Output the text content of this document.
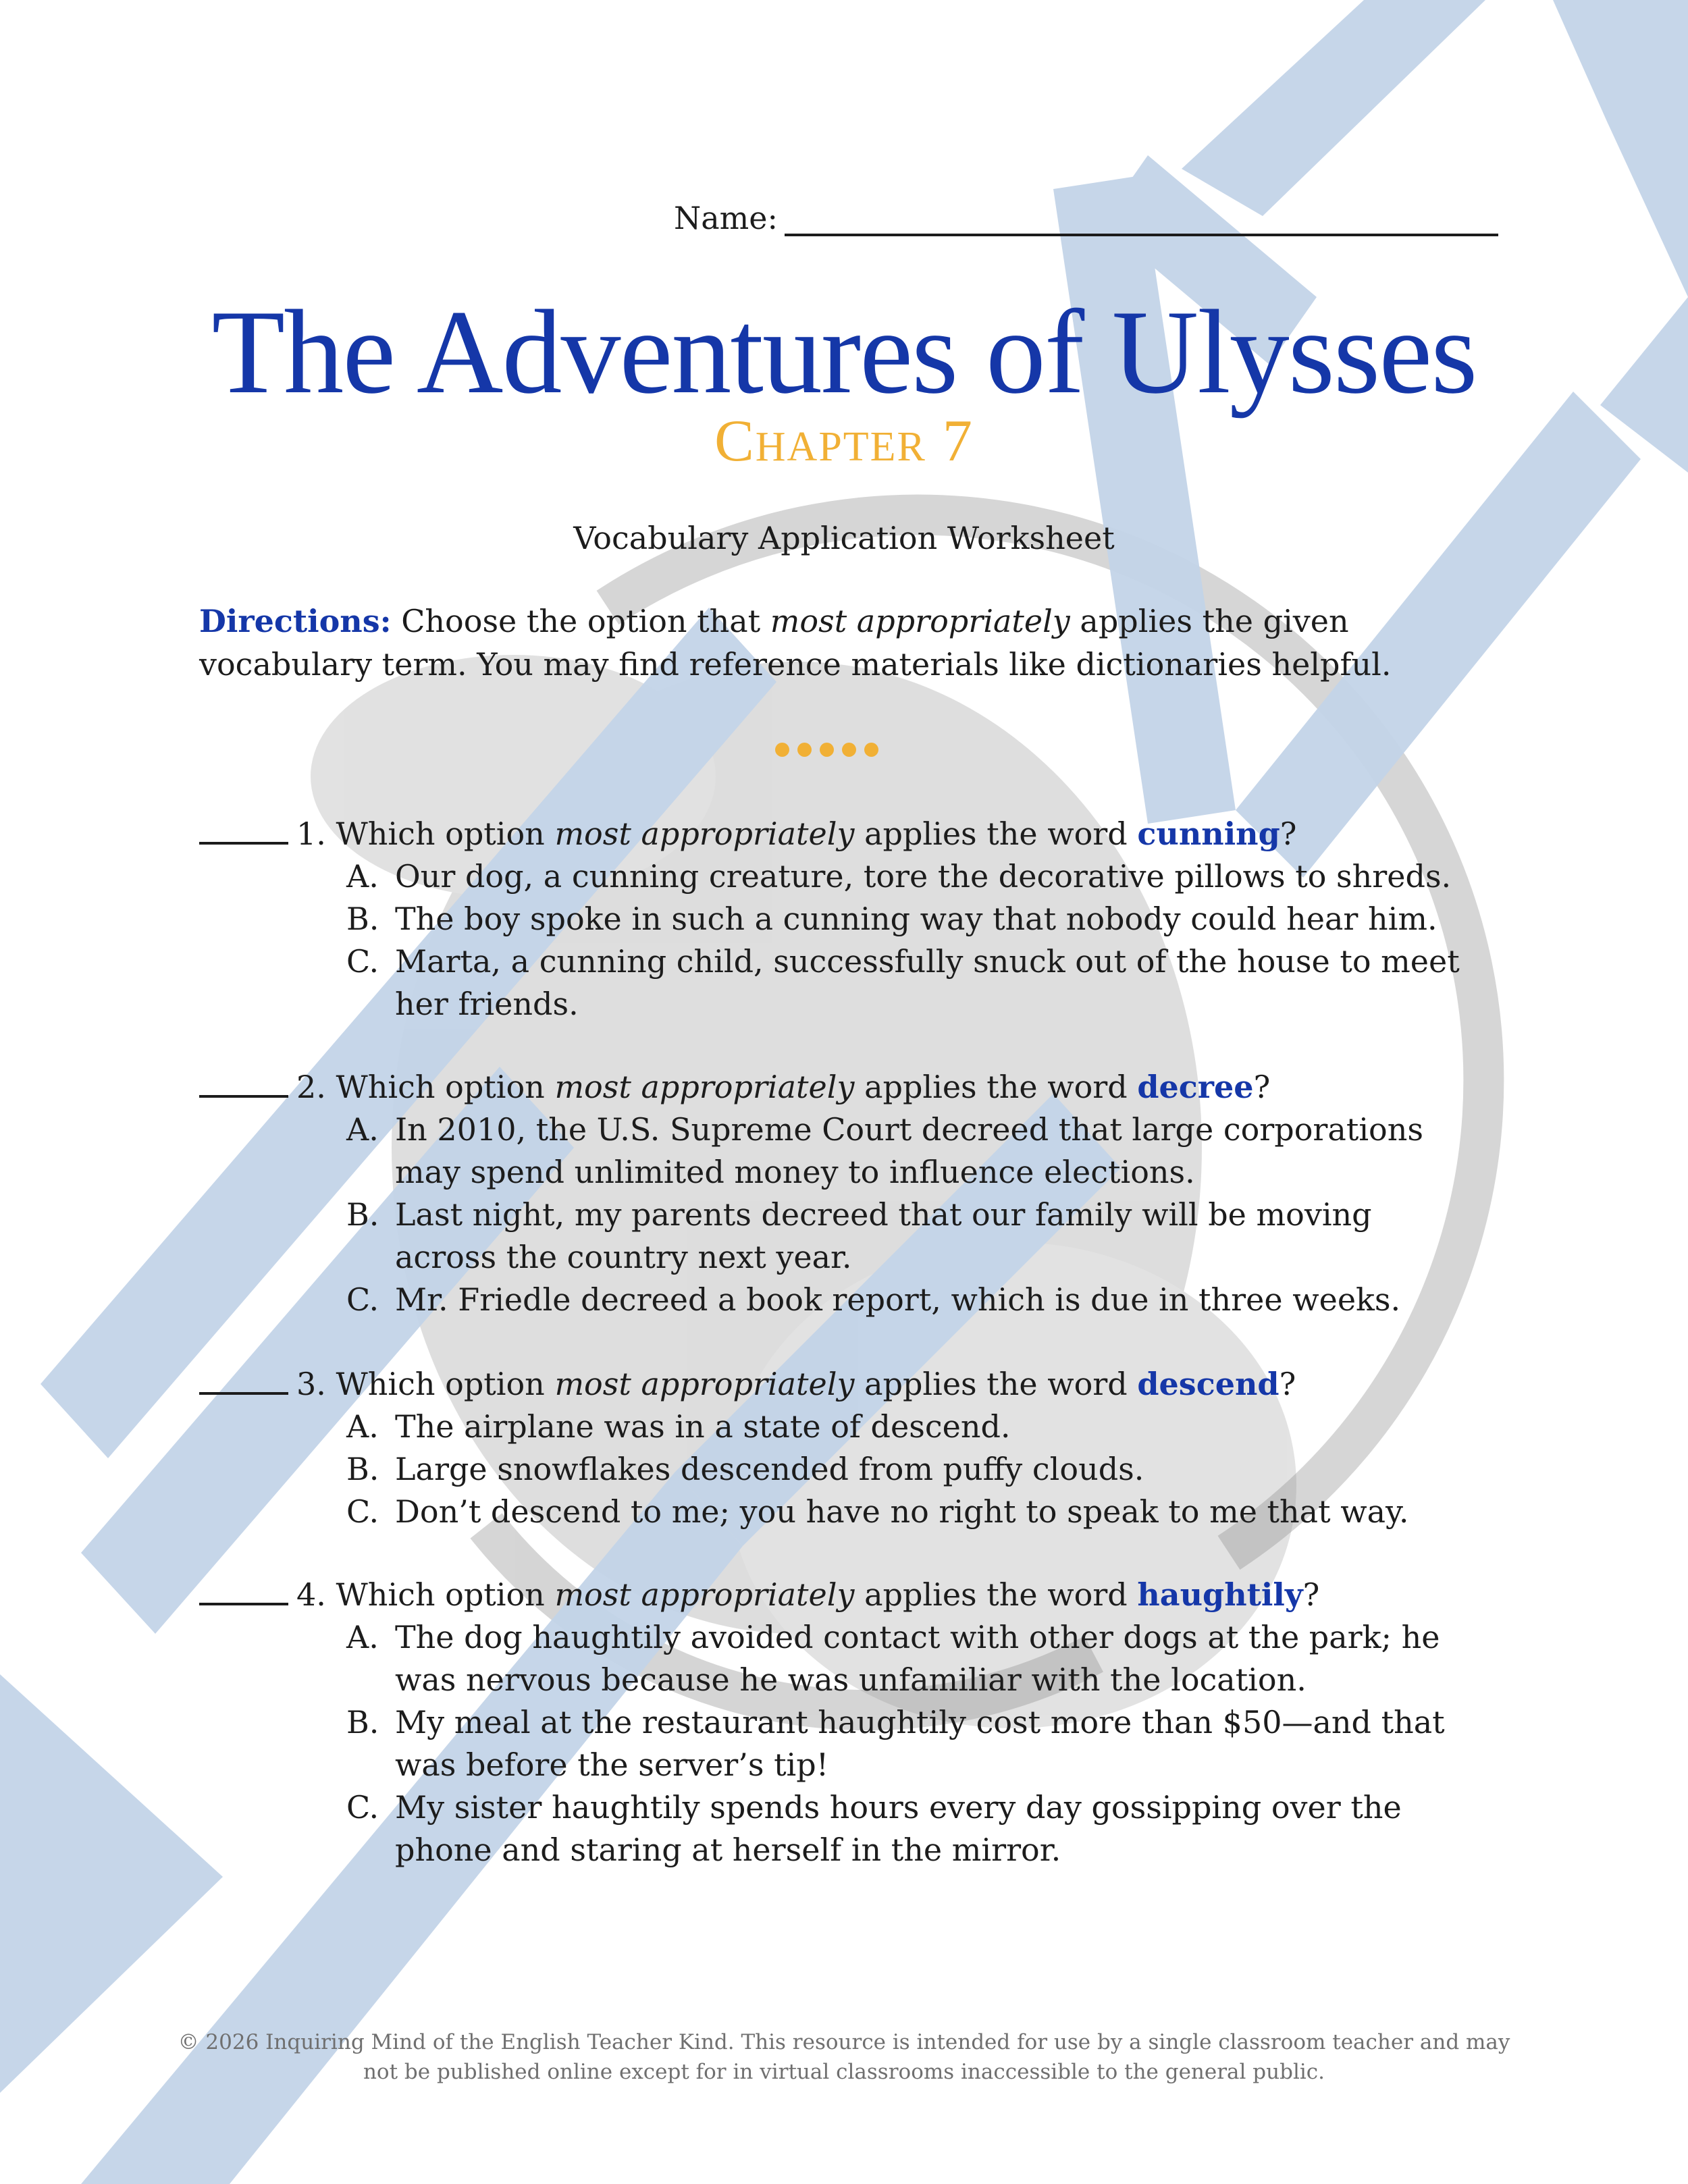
Name:
The Adventures of Ulysses
Chapter 7
Vocabulary Application Worksheet
Directions: Choose the option that most appropriately applies the given vocabulary term. You may find reference materials like dictionaries helpful.
1. Which option most appropriately applies the word cunning?
A. Our dog, a cunning creature, tore the decorative pillows to shreds.
B. The boy spoke in such a cunning way that nobody could hear him.
C. Marta, a cunning child, successfully snuck out of the house to meet her friends.
2. Which option most appropriately applies the word decree?
A. In 2010, the U.S. Supreme Court decreed that large corporations may spend unlimited money to influence elections.
B. Last night, my parents decreed that our family will be moving across the country next year.
C. Mr. Friedle decreed a book report, which is due in three weeks.
3. Which option most appropriately applies the word descend?
A. The airplane was in a state of descend.
B. Large snowflakes descended from puffy clouds.
C. Don’t descend to me; you have no right to speak to me that way.
4. Which option most appropriately applies the word haughtily?
A. The dog haughtily avoided contact with other dogs at the park; he was nervous because he was unfamiliar with the location.
B. My meal at the restaurant haughtily cost more than $50—and that was before the server’s tip!
C. My sister haughtily spends hours every day gossipping over the phone and staring at herself in the mirror.
© 2026 Inquiring Mind of the English Teacher Kind. This resource is intended for use by a single classroom teacher and may
not be published online except for in virtual classrooms inaccessible to the general public.
